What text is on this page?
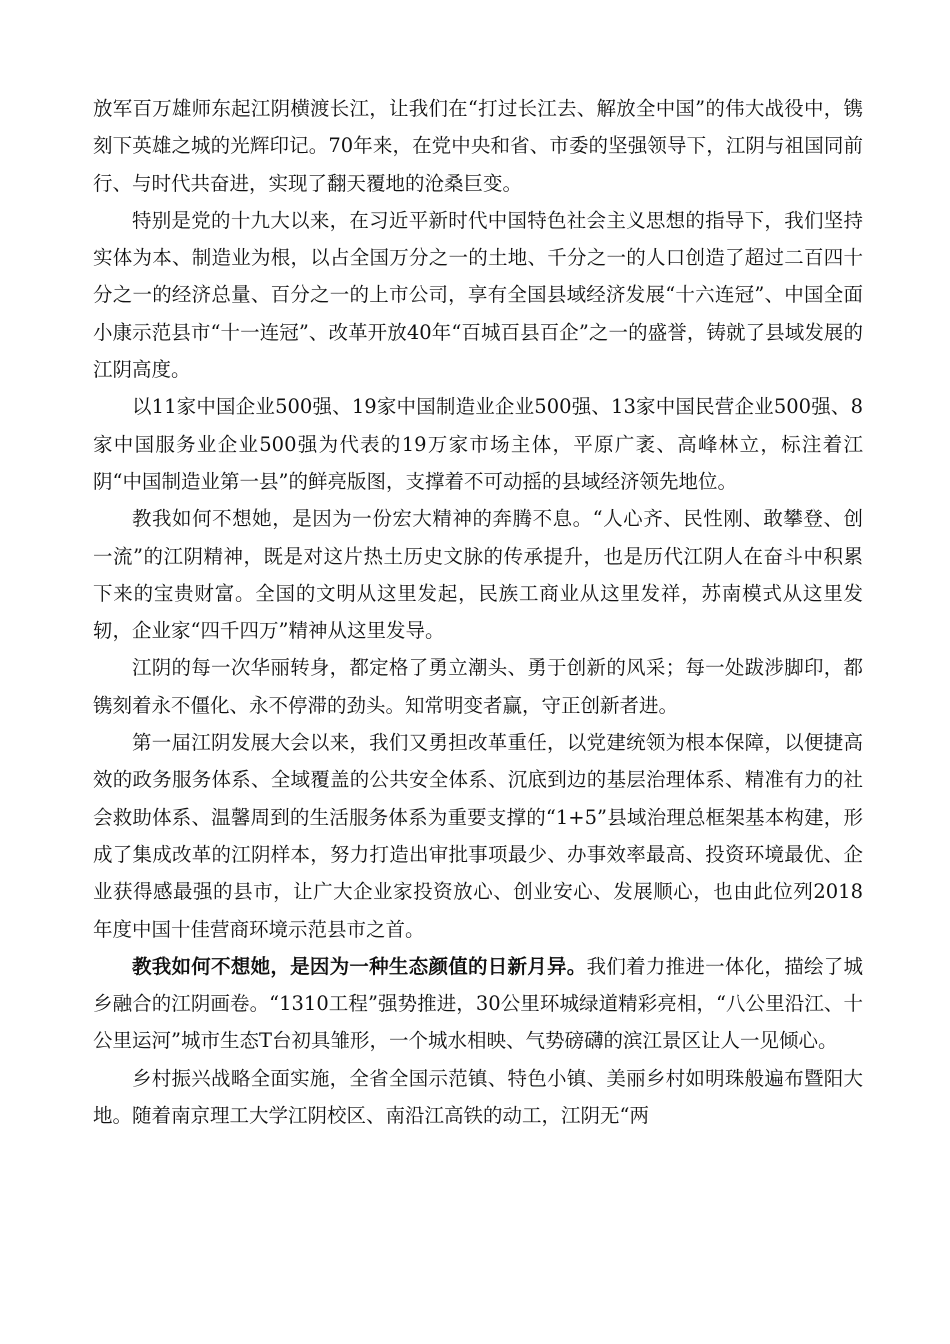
放军百万雄师东起江阴横渡长江，让我们在“打过长江去、解放全中国”的伟大战役中，镌刻下英雄之城的光辉印记。70年来，在党中央和省、市委的坚强领导下，江阴与祖国同前行、与时代共奋进，实现了翻天覆地的沧桑巨变。

特别是党的十九大以来，在习近平新时代中国特色社会主义思想的指导下，我们坚持实体为本、制造业为根，以占全国万分之一的土地、千分之一的人口创造了超过二百四十分之一的经济总量、百分之一的上市公司，享有全国县域经济发展“十六连冠”、中国全面小康示范县市“十一连冠”、改革开放40年“百城百县百企”之一的盛誉，铸就了县域发展的江阴高度。

以11家中国企业500强、19家中国制造业企业500强、13家中国民营企业500强、8家中国服务业企业500强为代表的19万家市场主体，平原广袤、高峰林立，标注着江阴“中国制造业第一县”的鲜亮版图，支撑着不可动摇的县域经济领先地位。

教我如何不想她，是因为一份宏大精神的奔腾不息。“人心齐、民性刚、敢攀登、创一流”的江阴精神，既是对这片热土历史文脉的传承提升，也是历代江阴人在奋斗中积累下来的宝贵财富。全国的文明从这里发起，民族工商业从这里发祥，苏南模式从这里发轫，企业家“四千四万”精神从这里发导。

江阴的每一次华丽转身，都定格了勇立潮头、勇于创新的风采；每一处跋涉脚印，都镌刻着永不僵化、永不停滞的劲头。知常明变者赢，守正创新者进。

第一届江阴发展大会以来，我们又勇担改革重任，以党建统领为根本保障，以便捷高效的政务服务体系、全域覆盖的公共安全体系、沉底到边的基层治理体系、精准有力的社会救助体系、温馨周到的生活服务体系为重要支撑的“1+5”县域治理总框架基本构建，形成了集成改革的江阴样本，努力打造出审批事项最少、办事效率最高、投资环境最优、企业获得感最强的县市，让广大企业家投资放心、创业安心、发展顺心，也由此位列2018年度中国十佳营商环境示范县市之首。

教我如何不想她，是因为一种生态颜值的日新月异。我们着力推进一体化，描绘了城乡融合的江阴画卷。“1310工程”强势推进，30公里环城绿道精彩亮相，“八公里沿江、十公里运河”城市生态T台初具雏形，一个城水相映、气势磅礴的滨江景区让人一见倾心。

乡村振兴战略全面实施，全省全国示范镇、特色小镇、美丽乡村如明珠般遍布暨阳大地。随着南京理工大学江阴校区、南沿江高铁的动工，江阴无“两
